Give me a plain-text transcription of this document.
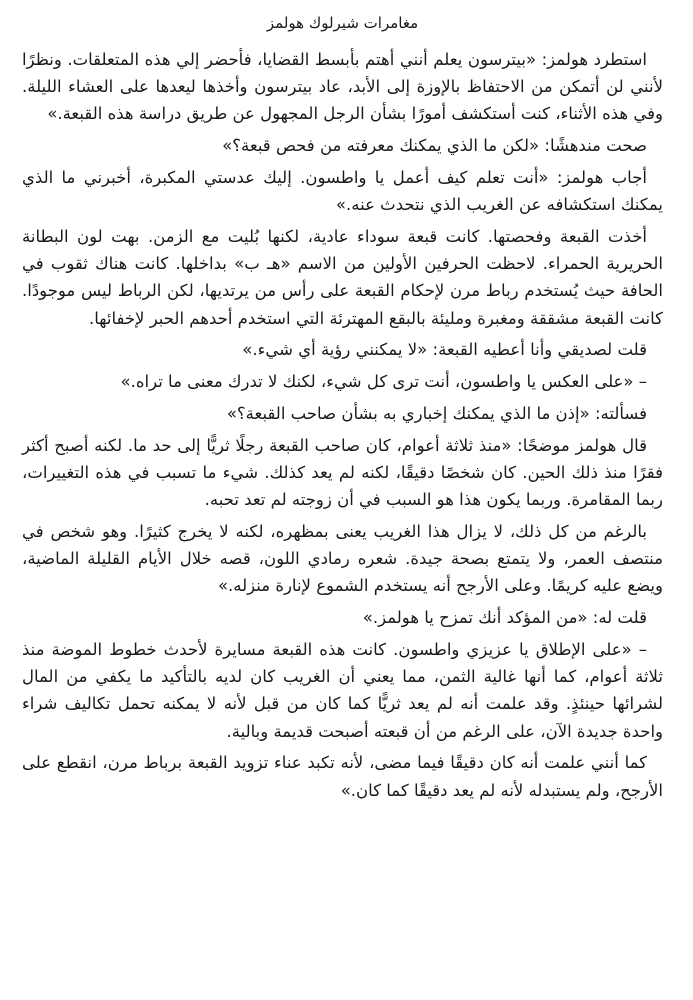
مغامرات شيرلوك هولمز

استطرد هولمز: «بيترسون يعلم أنني أهتم بأبسط القضايا، فأحضر إلي هذه المتعلقات. ونظرًا لأنني لن أتمكن من الاحتفاظ بالإوزة إلى الأبد، عاد بيترسون وأخذها ليعدها على العشاء الليلة. وفي هذه الأثناء، كنت أستكشف أمورًا بشأن الرجل المجهول عن طريق دراسة هذه القبعة.»

صحت مندهشًا: «لكن ما الذي يمكنك معرفته من فحص قبعة؟»

أجاب هولمز: «أنت تعلم كيف أعمل يا واطسون. إليك عدستي المكبرة، أخبرني ما الذي يمكنك استكشافه عن الغريب الذي نتحدث عنه.»

أخذت القبعة وفحصتها. كانت قبعة سوداء عادية، لكنها بُليت مع الزمن. بهت لون البطانة الحريرية الحمراء. لاحظت الحرفين الأولين من الاسم «هـ ب» بداخلها. كانت هناك ثقوب في الحافة حيث يُستخدم رباط مرن لإحكام القبعة على رأس من يرتديها، لكن الرباط ليس موجودًا. كانت القبعة مشققة ومغبرة ومليئة بالبقع المهترئة التي استخدم أحدهم الحبر لإخفائها.

قلت لصديقي وأنا أعطيه القبعة: «لا يمكنني رؤية أي شيء.»

– «على العكس يا واطسون، أنت ترى كل شيء، لكنك لا تدرك معنى ما تراه.»

فسألته: «إذن ما الذي يمكنك إخباري به بشأن صاحب القبعة؟»

قال هولمز موضحًا: «منذ ثلاثة أعوام، كان صاحب القبعة رجلًا ثريًّا إلى حد ما. لكنه أصبح أكثر فقرًا منذ ذلك الحين. كان شخصًا دقيقًا، لكنه لم يعد كذلك. شيء ما تسبب في هذه التغييرات، ربما المقامرة. وربما يكون هذا هو السبب في أن زوجته لم تعد تحبه.

بالرغم من كل ذلك، لا يزال هذا الغريب يعنى بمظهره، لكنه لا يخرج كثيرًا. وهو شخص في منتصف العمر، ولا يتمتع بصحة جيدة. شعره رمادي اللون، قصه خلال الأيام القليلة الماضية، ويضع عليه كريمًا. وعلى الأرجح أنه يستخدم الشموع لإنارة منزله.»

قلت له: «من المؤكد أنك تمزح يا هولمز.»

– «على الإطلاق يا عزيزي واطسون. كانت هذه القبعة مسايرة لأحدث خطوط الموضة منذ ثلاثة أعوام، كما أنها غالية الثمن، مما يعني أن الغريب كان لديه بالتأكيد ما يكفي من المال لشرائها حينئذٍ. وقد علمت أنه لم يعد ثريًّا كما كان من قبل لأنه لا يمكنه تحمل تكاليف شراء واحدة جديدة الآن، على الرغم من أن قبعته أصبحت قديمة وبالية.

كما أنني علمت أنه كان دقيقًا فيما مضى، لأنه تكبد عناء تزويد القبعة برباط مرن، انقطع على الأرجح، ولم يستبدله لأنه لم يعد دقيقًا كما كان.»
